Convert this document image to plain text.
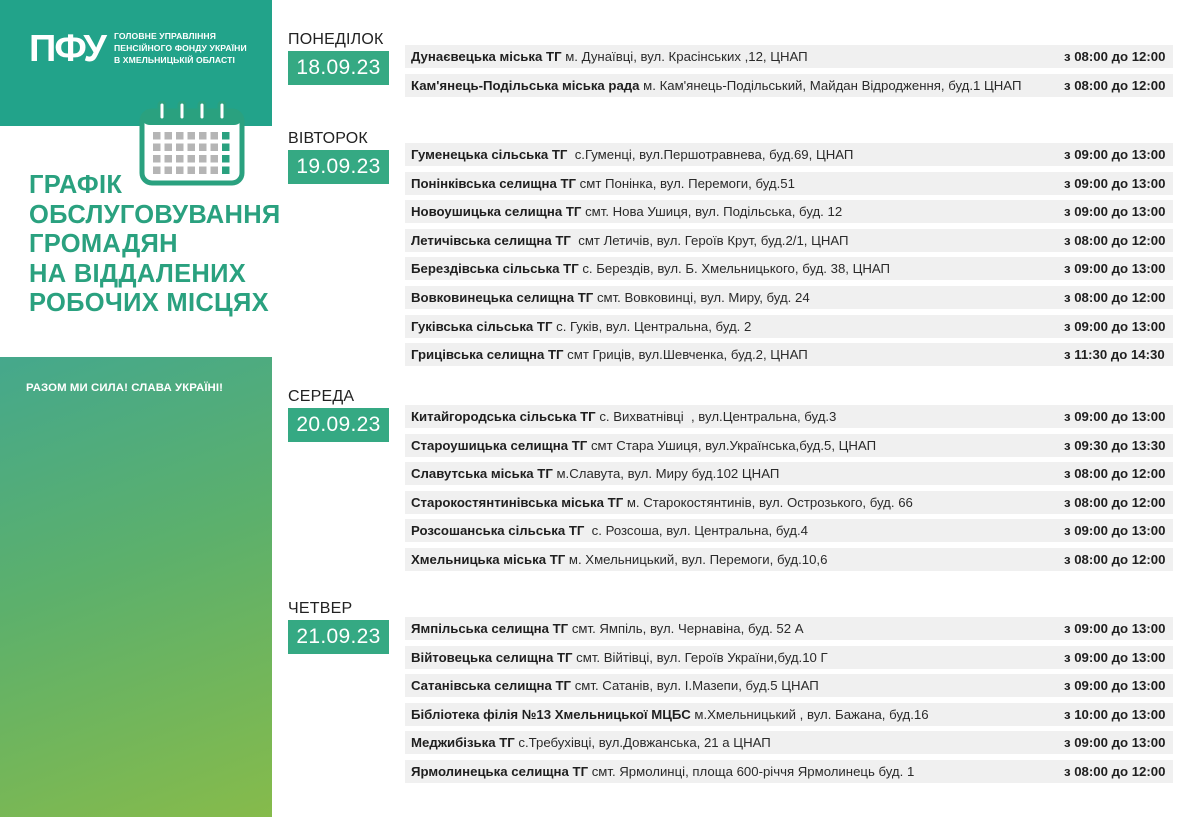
ПФУ ГОЛОВНЕ УПРАВЛІННЯ
ПЕНСІЙНОГО ФОНДУ УКРАЇНИ
В ХМЕЛЬНИЦЬКІЙ ОБЛАСТІ
ГРАФІК
ОБСЛУГОВУВАННЯ
ГРОМАДЯН
НА ВІДДАЛЕНИХ
РОБОЧИХ МІСЦЯХ
РАЗОМ МИ СИЛА! СЛАВА УКРАЇНІ!
ПОНЕДІЛОК
18.09.23	Дунаєвецька міська ТГ м. Дунаївці, вул. Красінських ,12, ЦНАП	з 08:00 до 12:00
Кам'янець-Подільська міська рада м. Кам'янець-Подільський, Майдан Відродження, буд.1 ЦНАП	з 08:00 до 12:00
ВІВТОРОК
19.09.23
Гуменецька сільська ТГ  с.Гуменці, вул.Першотравнева, буд.69, ЦНАП	з 09:00 до 13:00
Понінківська селищна ТГ смт Понінка, вул. Перемоги, буд.51	з 09:00 до 13:00
Новоушицька селищна ТГ смт. Нова Ушиця, вул. Подільська, буд. 12	з 09:00 до 13:00
Летичівська селищна ТГ  смт Летичів, вул. Героїв Крут, буд.2/1, ЦНАП	з 08:00 до 12:00
Берездівська сільська ТГ с. Берездів, вул. Б. Хмельницького, буд. 38, ЦНАП	з 09:00 до 13:00
Вовковинецька селищна ТГ смт. Вовковинці, вул. Миру, буд. 24	з 08:00 до 12:00
Гуківська сільська ТГ с. Гуків, вул. Центральна, буд. 2	з 09:00 до 13:00
Грицівська селищна ТГ смт Гриців, вул.Шевченка, буд.2, ЦНАП	з 11:30 до 14:30
СЕРЕДА
20.09.23	Китайгородська сільська ТГ с. Вихватнівці  , вул.Центральна, буд.3	з 09:00 до 13:00
Староушицька селищна ТГ смт Стара Ушиця, вул.Українська,буд.5, ЦНАП	з 09:30 до 13:30
Славутська міська ТГ м.Славута, вул. Миру буд.102 ЦНАП	з 08:00 до 12:00
Старокостянтинівська міська ТГ м. Старокостянтинів, вул. Острозького, буд. 66	з 08:00 до 12:00
Розсошанська сільська ТГ  с. Розсоша, вул. Центральна, буд.4	з 09:00 до 13:00
Хмельницька міська ТГ м. Хмельницький, вул. Перемоги, буд.10,6	з 08:00 до 12:00
ЧЕТВЕР
21.09.23	Ямпільська селищна ТГ смт. Ямпіль, вул. Чернавіна, буд. 52 А	з 09:00 до 13:00
Війтовецька селищна ТГ смт. Війтівці, вул. Героїв України,буд.10 Г	з 09:00 до 13:00
Сатанівська селищна ТГ смт. Сатанів, вул. І.Мазепи, буд.5 ЦНАП	з 09:00 до 13:00
Бібліотека філія №13 Хмельницької МЦБС м.Хмельницький , вул. Бажана, буд.16	з 10:00 до 13:00
Меджибізька ТГ с.Требухівці, вул.Довжанська, 21 а ЦНАП	з 09:00 до 13:00
Ярмолинецька селищна ТГ смт. Ярмолинці, площа 600-річчя Ярмолинець буд. 1	з 08:00 до 12:00
